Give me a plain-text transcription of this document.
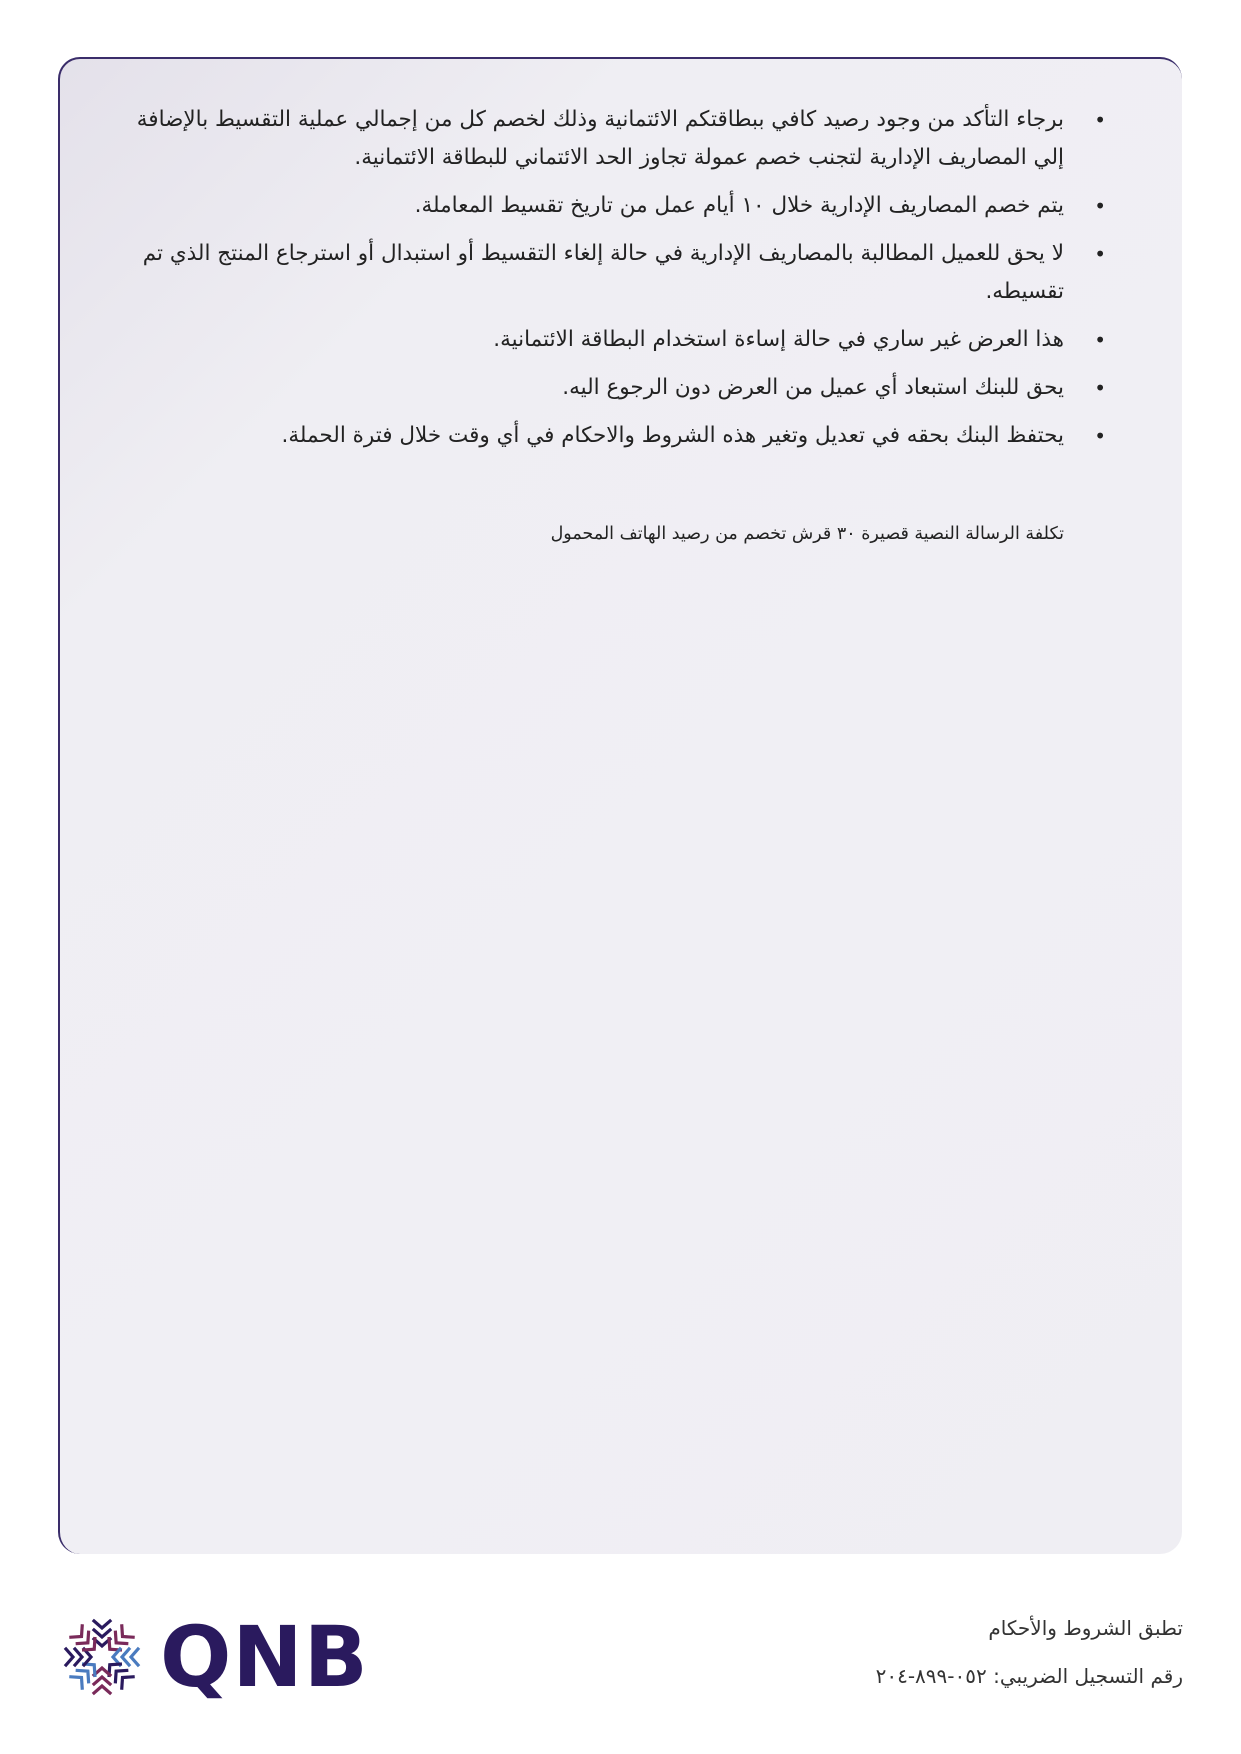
•
برجاء التأكد من وجود رصيد كافي ببطاقتكم الائتمانية وذلك لخصم كل من إجمالي عملية التقسيط بالإضافة إلي المصاريف الإدارية لتجنب خصم عمولة تجاوز الحد الائتماني للبطاقة الائتمانية.
•
يتم خصم المصاريف الإدارية خلال ١٠ أيام عمل من تاريخ تقسيط المعاملة.
•
لا يحق للعميل المطالبة بالمصاريف الإدارية في حالة إلغاء التقسيط أو استبدال أو استرجاع المنتج الذي تم تقسيطه.
•
هذا العرض غير ساري في حالة إساءة استخدام البطاقة الائتمانية.
•
يحق للبنك استبعاد أي عميل من العرض دون الرجوع اليه.
•
يحتفظ البنك بحقه في تعديل وتغير هذه الشروط والاحكام في أي وقت خلال فترة الحملة.
تكلفة الرسالة النصية قصيرة ٣٠ قرش تخصم من رصيد الهاتف المحمول
تطبق الشروط والأحكام
رقم التسجيل الضريبي: ٠٥٢-٨٩٩-٢٠٤
QNB
